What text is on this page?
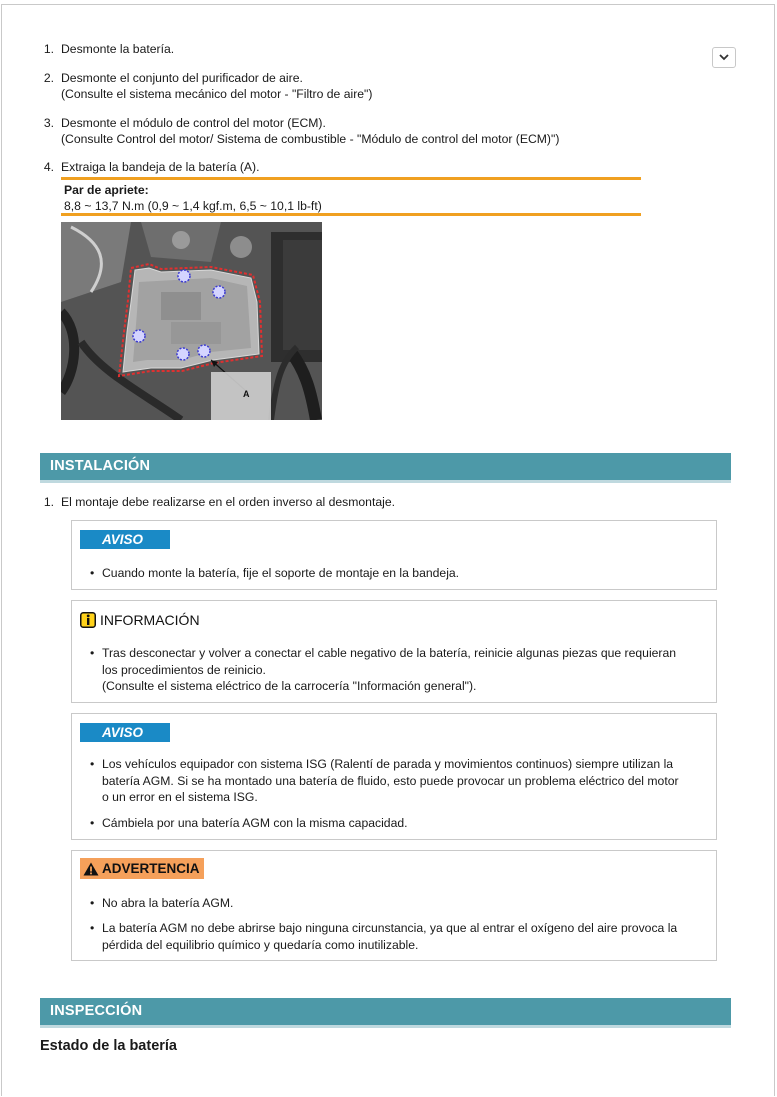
1. Desmonte la batería.
2. Desmonte el conjunto del purificador de aire.
(Consulte el sistema mecánico del motor - "Filtro de aire")
3. Desmonte el módulo de control del motor (ECM).
(Consulte Control del motor/ Sistema de combustible - "Módulo de control del motor (ECM)")
4. Extraiga la bandeja de la batería (A).
Par de apriete:
8,8 ~ 13,7 N.m (0,9 ~ 1,4 kgf.m, 6,5 ~ 10,1 lb-ft)
A
INSTALACIÓN
1. El montaje debe realizarse en el orden inverso al desmontaje.
AVISO
• Cuando monte la batería, fije el soporte de montaje en la bandeja.
INFORMACIÓN
• Tras desconectar y volver a conectar el cable negativo de la batería, reinicie algunas piezas que requieran
los procedimientos de reinicio.
(Consulte el sistema eléctrico de la carrocería "Información general").
AVISO
• Los vehículos equipador con sistema ISG (Ralentí de parada y movimientos continuos) siempre utilizan la
batería AGM. Si se ha montado una batería de fluido, esto puede provocar un problema eléctrico del motor
o un error en el sistema ISG.
• Cámbiela por una batería AGM con la misma capacidad.
ADVERTENCIA
• No abra la batería AGM.
• La batería AGM no debe abrirse bajo ninguna circunstancia, ya que al entrar el oxígeno del aire provoca la
pérdida del equilibrio químico y quedaría como inutilizable.
INSPECCIÓN
Estado de la batería
